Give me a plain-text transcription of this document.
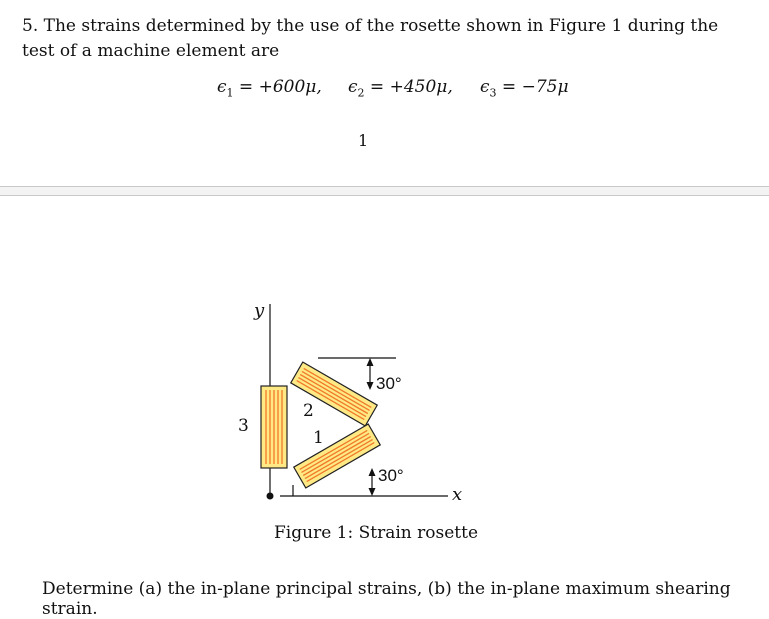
5. The strains determined by the use of the rosette shown in Figure 1 during the test of a machine element are
$\epsilon_1 = +600\mu$, $\epsilon_2 = +450\mu$, $\epsilon_3 = -75\mu$
1
y
x
30°
30°
3
2
1
Figure 1: Strain rosette
Determine (a) the in-plane principal strains, (b) the in-plane maximum shearing strain.
